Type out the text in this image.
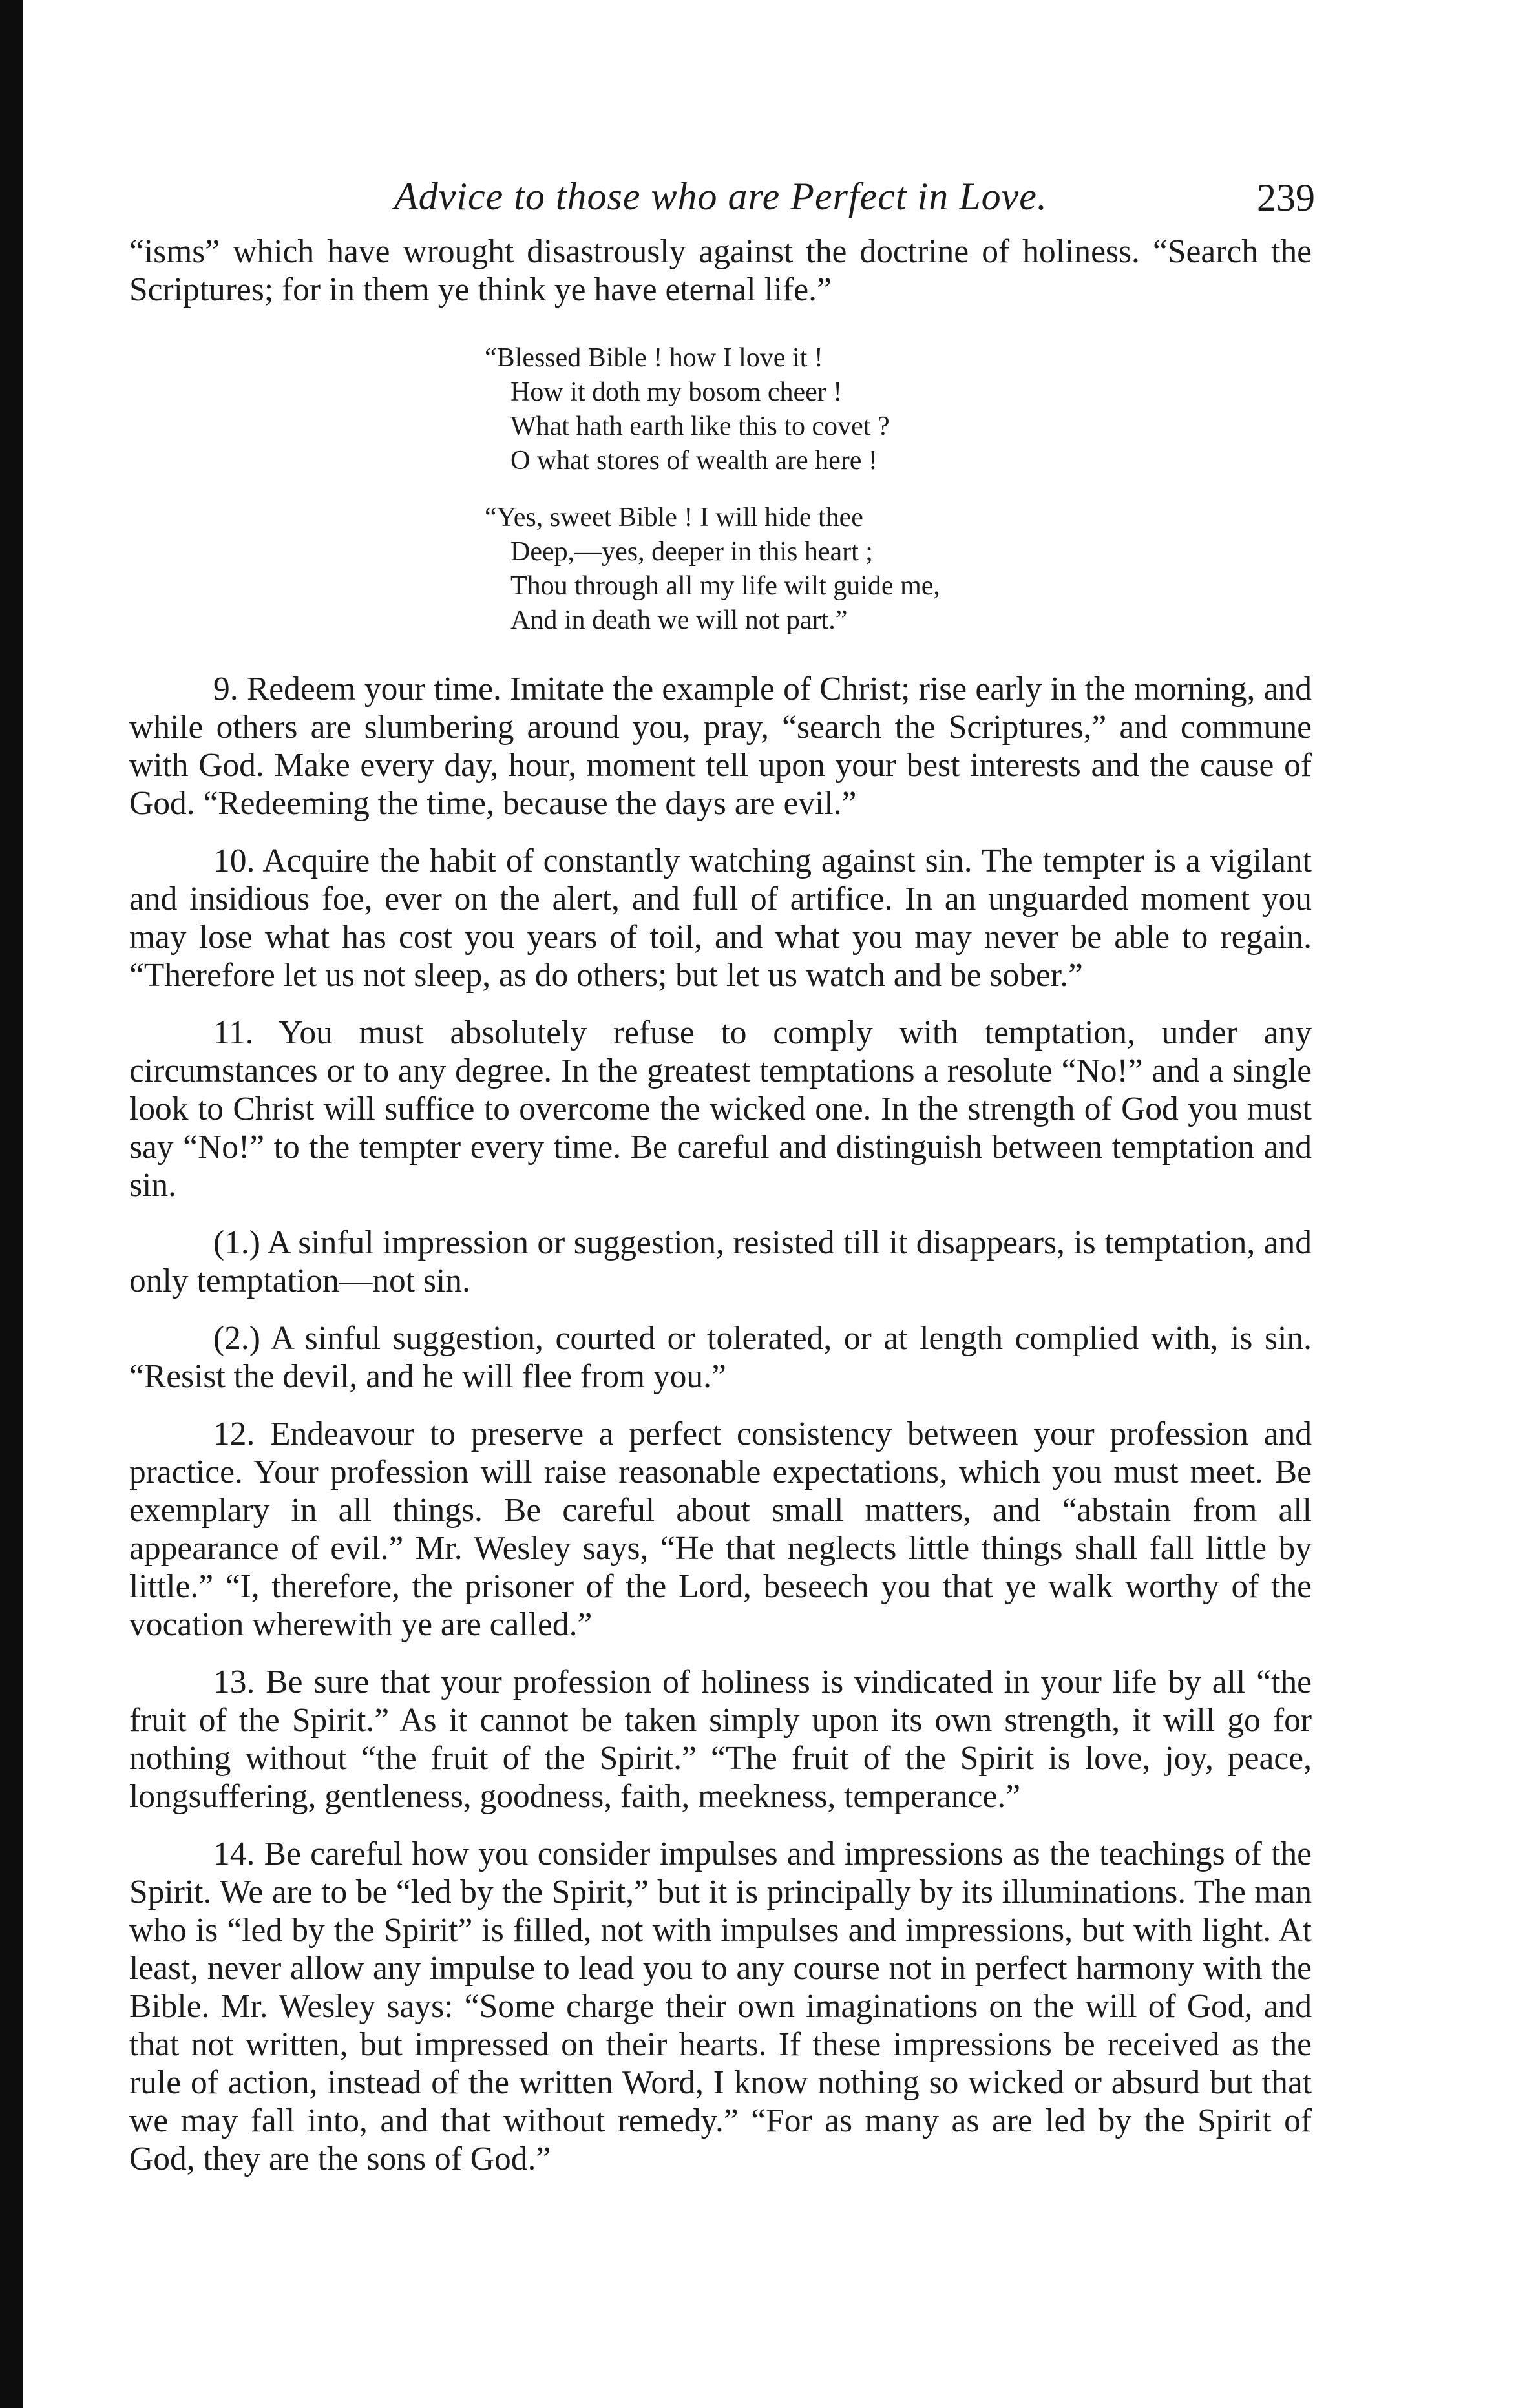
Advice to those who are Perfect in Love.	239

“isms” which have wrought disastrously against the doctrine of holiness. “Search the Scriptures; for in them ye think ye have eternal life.”

“Blessed Bible ! how I love it !
How it doth my bosom cheer !
What hath earth like this to covet ?
O what stores of wealth are here !
“Yes, sweet Bible ! I will hide thee
Deep,—yes, deeper in this heart ;
Thou through all my life wilt guide me,
And in death we will not part.”

9. Redeem your time. Imitate the example of Christ; rise early in the morning, and while others are slumbering around you, pray, “search the Scriptures,” and commune with God. Make every day, hour, moment tell upon your best interests and the cause of God. “Redeeming the time, because the days are evil.”

10. Acquire the habit of constantly watching against sin. The tempter is a vigilant and insidious foe, ever on the alert, and full of artifice. In an unguarded moment you may lose what has cost you years of toil, and what you may never be able to regain. “Therefore let us not sleep, as do others; but let us watch and be sober.”

11. You must absolutely refuse to comply with temptation, under any circumstances or to any degree. In the greatest temptations a resolute “No!” and a single look to Christ will suffice to overcome the wicked one. In the strength of God you must say “No!” to the tempter every time. Be careful and distinguish between temptation and sin.

(1.) A sinful impression or suggestion, resisted till it disappears, is temptation, and only temptation—not sin.

(2.) A sinful suggestion, courted or tolerated, or at length complied with, is sin. “Resist the devil, and he will flee from you.”

12. Endeavour to preserve a perfect consistency between your profession and practice. Your profession will raise reasonable expectations, which you must meet. Be exemplary in all things. Be careful about small matters, and “abstain from all appearance of evil.” Mr. Wesley says, “He that neglects little things shall fall little by little.” “I, therefore, the prisoner of the Lord, beseech you that ye walk worthy of the vocation wherewith ye are called.”

13. Be sure that your profession of holiness is vindicated in your life by all “the fruit of the Spirit.” As it cannot be taken simply upon its own strength, it will go for nothing without “the fruit of the Spirit.” “The fruit of the Spirit is love, joy, peace, longsuffering, gentleness, goodness, faith, meekness, temperance.”

14. Be careful how you consider impulses and impressions as the teachings of the Spirit. We are to be “led by the Spirit,” but it is principally by its illuminations. The man who is “led by the Spirit” is filled, not with impulses and impressions, but with light. At least, never allow any impulse to lead you to any course not in perfect harmony with the Bible. Mr. Wesley says: “Some charge their own imaginations on the will of God, and that not written, but impressed on their hearts. If these impressions be received as the rule of action, instead of the written Word, I know nothing so wicked or absurd but that we may fall into, and that without remedy.” “For as many as are led by the Spirit of God, they are the sons of God.”
